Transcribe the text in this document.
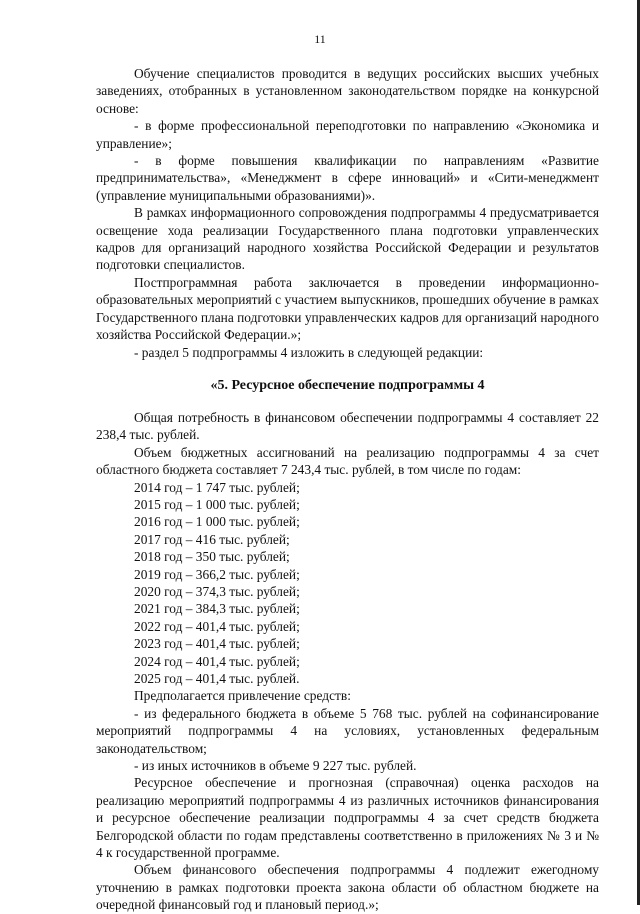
11

Обучение специалистов проводится в ведущих российских высших учебных заведениях, отобранных в установленном законодательством порядке на конкурсной основе:

- в форме профессиональной переподготовки по направлению «Экономика и управление»;

- в форме повышения квалификации по направлениям «Развитие предпринимательства», «Менеджмент в сфере инноваций» и «Сити-менеджмент (управление муниципальными образованиями)».

В рамках информационного сопровождения подпрограммы 4 предусматривается освещение хода реализации Государственного плана подготовки управленческих кадров для организаций народного хозяйства Российской Федерации и результатов подготовки специалистов.

Постпрограммная работа заключается в проведении информационно-образовательных мероприятий с участием выпускников, прошедших обучение в рамках Государственного плана подготовки управленческих кадров для организаций народного хозяйства Российской Федерации.»;

- раздел 5 подпрограммы 4 изложить в следующей редакции:

«5. Ресурсное обеспечение подпрограммы 4

Общая потребность в финансовом обеспечении подпрограммы 4 составляет 22 238,4 тыс. рублей.

Объем бюджетных ассигнований на реализацию подпрограммы 4 за счет областного бюджета составляет 7 243,4 тыс. рублей, в том числе по годам:

2014 год – 1 747 тыс. рублей;
2015 год – 1 000 тыс. рублей;
2016 год – 1 000 тыс. рублей;
2017 год – 416 тыс. рублей;
2018 год – 350 тыс. рублей;
2019 год – 366,2 тыс. рублей;
2020 год – 374,3 тыс. рублей;
2021 год – 384,3 тыс. рублей;
2022 год – 401,4 тыс. рублей;
2023 год – 401,4 тыс. рублей;
2024 год – 401,4 тыс. рублей;
2025 год – 401,4 тыс. рублей.

Предполагается привлечение средств:

- из федерального бюджета в объеме 5 768 тыс. рублей на софинансирование мероприятий подпрограммы 4 на условиях, установленных федеральным законодательством;

- из иных источников в объеме 9 227 тыс. рублей.

Ресурсное обеспечение и прогнозная (справочная) оценка расходов на реализацию мероприятий подпрограммы 4 из различных источников финансирования и ресурсное обеспечение реализации подпрограммы 4 за счет средств бюджета Белгородской области по годам представлены соответственно в приложениях № 3 и № 4 к государственной программе.

Объем финансового обеспечения подпрограммы 4 подлежит ежегодному уточнению в рамках подготовки проекта закона области об областном бюджете на очередной финансовый год и плановый период.»;
